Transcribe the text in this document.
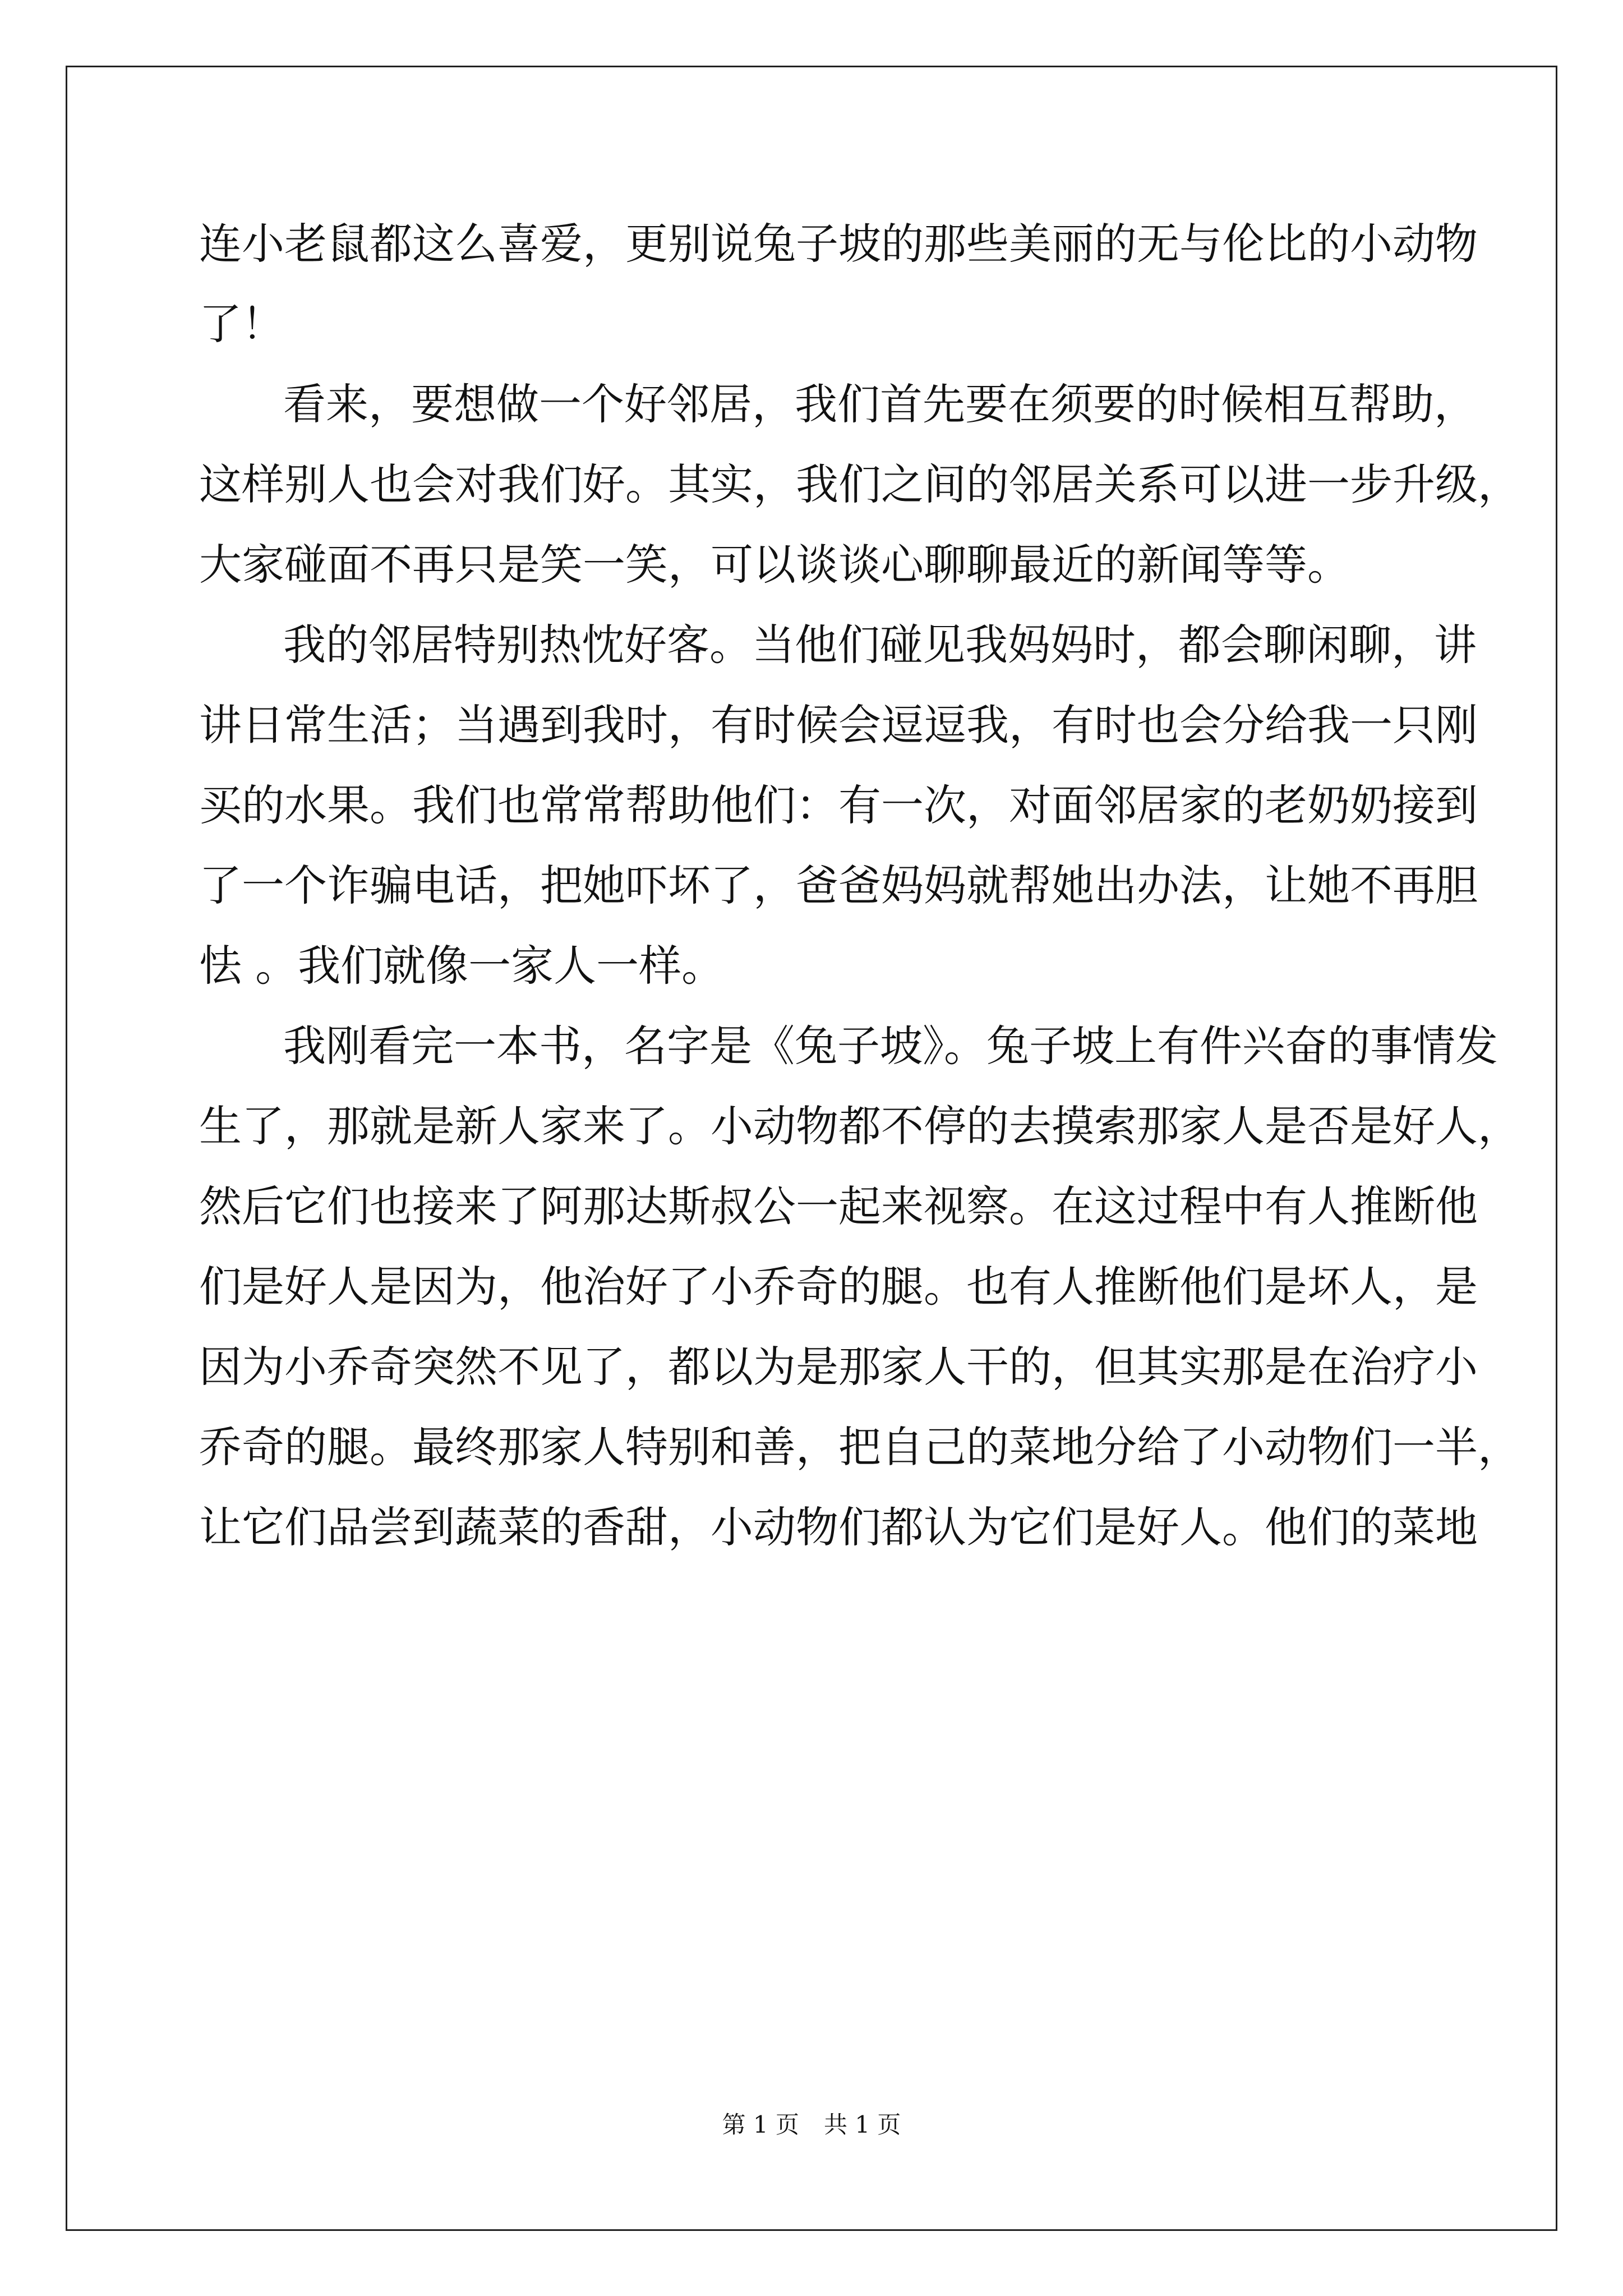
连小老鼠都这么喜爱，更别说兔子坡的那些美丽的无与伦比的小动物
了！
看来，要想做一个好邻居，我们首先要在须要的时候相互帮助，
这样别人也会对我们好。其实，我们之间的邻居关系可以进一步升级，
大家碰面不再只是笑一笑，可以谈谈心聊聊最近的新闻等等。
我的邻居特别热忱好客。当他们碰见我妈妈时，都会聊闲聊，讲
讲日常生活；当遇到我时，有时候会逗逗我，有时也会分给我一只刚
买的水果。我们也常常帮助他们：有一次，对面邻居家的老奶奶接到
了一个诈骗电话，把她吓坏了，爸爸妈妈就帮她出办法，让她不再胆
怯 。我们就像一家人一样。
我刚看完一本书，名字是《兔子坡》。兔子坡上有件兴奋的事情发
生了，那就是新人家来了。小动物都不停的去摸索那家人是否是好人，
然后它们也接来了阿那达斯叔公一起来视察。在这过程中有人推断他
们是好人是因为，他治好了小乔奇的腿。也有人推断他们是坏人，是
因为小乔奇突然不见了，都以为是那家人干的，但其实那是在治疗小
乔奇的腿。最终那家人特别和善，把自己的菜地分给了小动物们一半，
让它们品尝到蔬菜的香甜，小动物们都认为它们是好人。他们的菜地
第 1 页 共 1 页
